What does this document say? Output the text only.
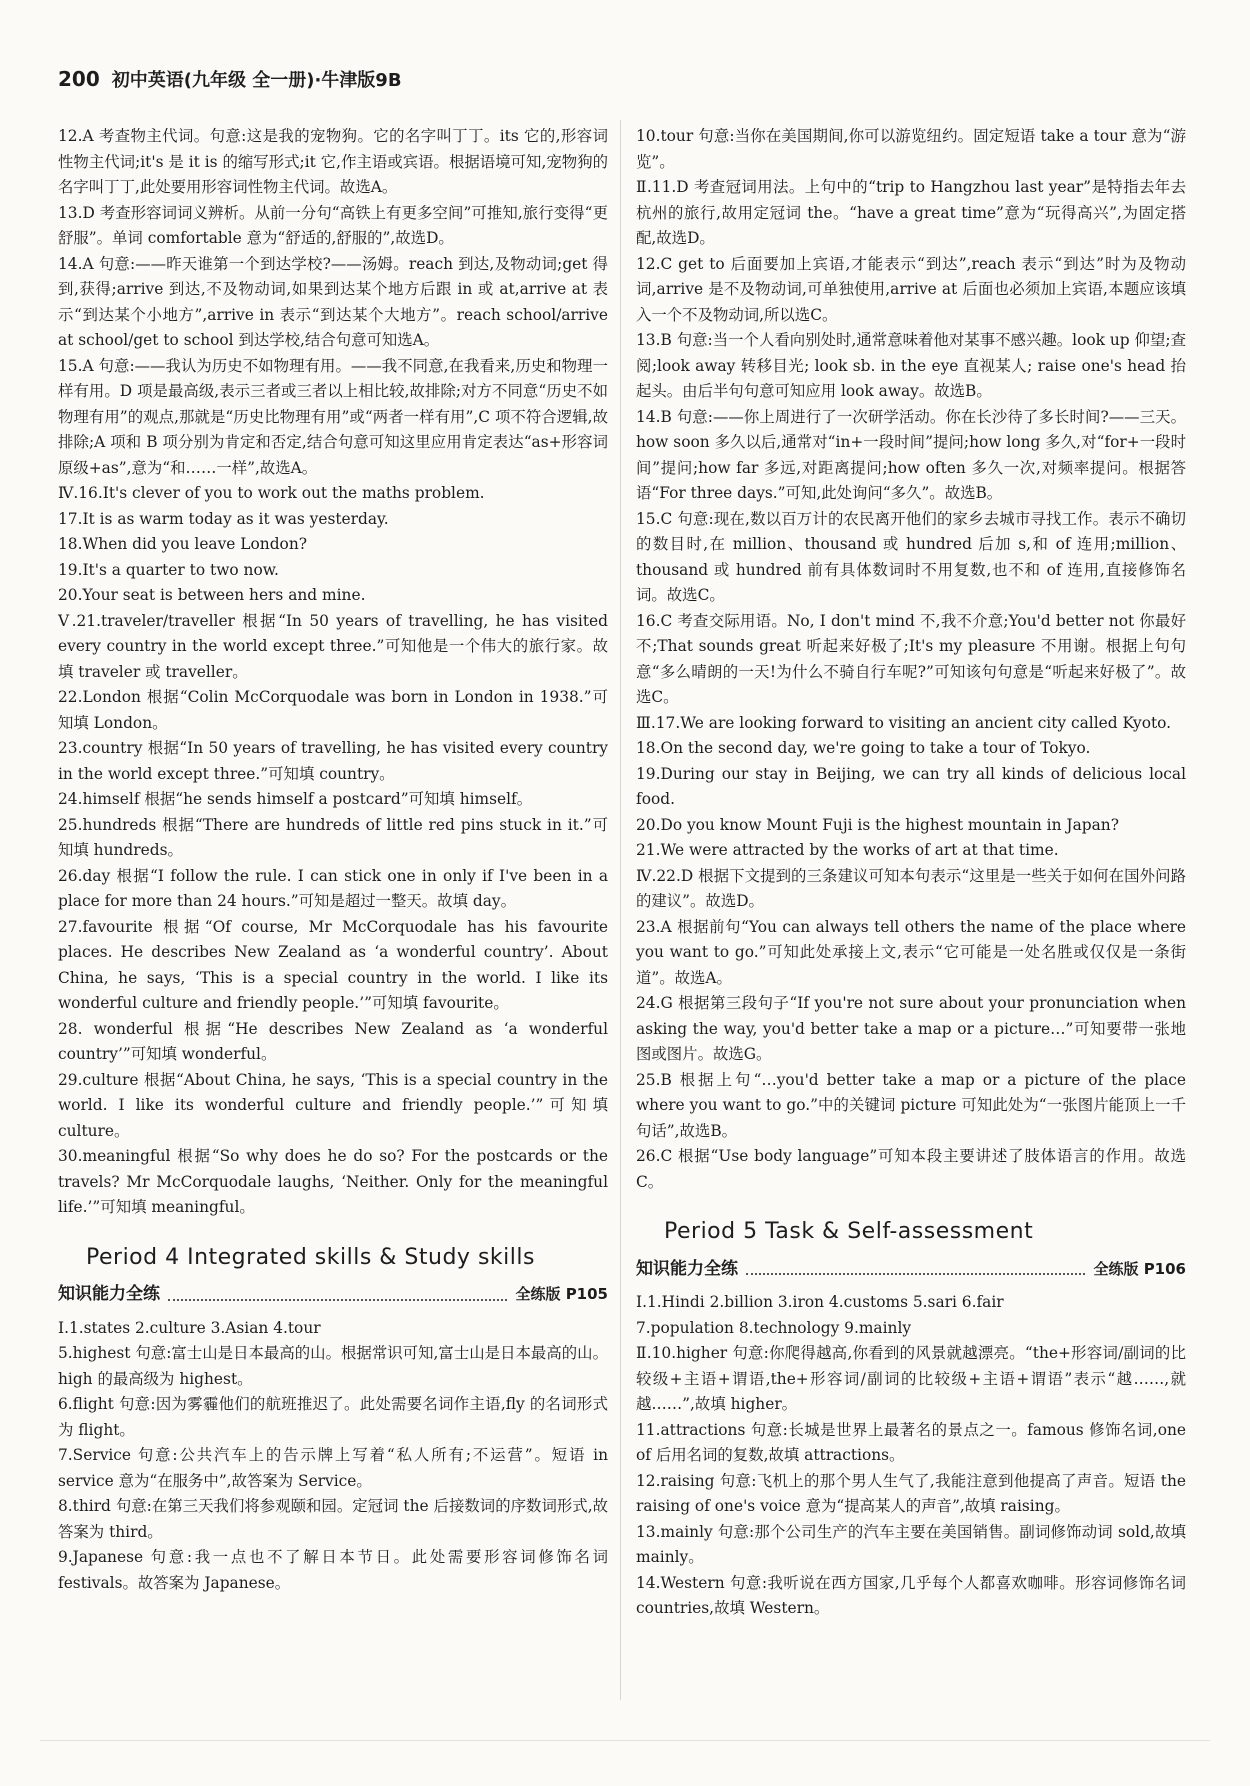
200 初中英语(九年级 全一册)·牛津版9B
12.A 考查物主代词。句意:这是我的宠物狗。它的名字叫丁丁。its 它的,形容词性物主代词;it's 是 it is 的缩写形式;it 它,作主语或宾语。根据语境可知,宠物狗的名字叫丁丁,此处要用形容词性物主代词。故选A。
13.D 考查形容词词义辨析。从前一分句“高铁上有更多空间”可推知,旅行变得“更舒服”。单词 comfortable 意为“舒适的,舒服的”,故选D。
14.A 句意:——昨天谁第一个到达学校?——汤姆。reach 到达,及物动词;get 得到,获得;arrive 到达,不及物动词,如果到达某个地方后跟 in 或 at,arrive at 表示“到达某个小地方”,arrive in 表示“到达某个大地方”。reach school/arrive at school/get to school 到达学校,结合句意可知选A。
15.A 句意:——我认为历史不如物理有用。——我不同意,在我看来,历史和物理一样有用。D 项是最高级,表示三者或三者以上相比较,故排除;对方不同意“历史不如物理有用”的观点,那就是“历史比物理有用”或“两者一样有用”,C 项不符合逻辑,故排除;A 项和 B 项分别为肯定和否定,结合句意可知这里应用肯定表达“as+形容词原级+as”,意为“和……一样”,故选A。
Ⅳ.16.It's clever of you to work out the maths problem.
17.It is as warm today as it was yesterday.
18.When did you leave London?
19.It's a quarter to two now.
20.Your seat is between hers and mine.
Ⅴ.21.traveler/traveller 根据“In 50 years of travelling, he has visited every country in the world except three.”可知他是一个伟大的旅行家。故填 traveler 或 traveller。
22.London 根据“Colin McCorquodale was born in London in 1938.”可知填 London。
23.country 根据“In 50 years of travelling, he has visited every country in the world except three.”可知填 country。
24.himself 根据“he sends himself a postcard”可知填 himself。
25.hundreds 根据“There are hundreds of little red pins stuck in it.”可知填 hundreds。
26.day 根据“I follow the rule. I can stick one in only if I've been in a place for more than 24 hours.”可知是超过一整天。故填 day。
27.favourite 根据“Of course, Mr McCorquodale has his favourite places. He describes New Zealand as ‘a wonderful country’. About China, he says, ‘This is a special country in the world. I like its wonderful culture and friendly people.’”可知填 favourite。
28. wonderful 根据“He describes New Zealand as ‘a wonderful country’”可知填 wonderful。
29.culture 根据“About China, he says, ‘This is a special country in the world. I like its wonderful culture and friendly people.’”可知填 culture。
30.meaningful 根据“So why does he do so? For the postcards or the travels? Mr McCorquodale laughs, ‘Neither. Only for the meaningful life.’”可知填 meaningful。
Period 4 Integrated skills & Study skills
知识能力全练	全练版 P105
Ⅰ.1.states 2.culture 3.Asian 4.tour
5.highest 句意:富士山是日本最高的山。根据常识可知,富士山是日本最高的山。high 的最高级为 highest。
6.flight 句意:因为雾霾他们的航班推迟了。此处需要名词作主语,fly 的名词形式为 flight。
7.Service 句意:公共汽车上的告示牌上写着“私人所有;不运营”。短语 in service 意为“在服务中”,故答案为 Service。
8.third 句意:在第三天我们将参观颐和园。定冠词 the 后接数词的序数词形式,故答案为 third。
9.Japanese 句意:我一点也不了解日本节日。此处需要形容词修饰名词 festivals。故答案为 Japanese。
10.tour 句意:当你在美国期间,你可以游览纽约。固定短语 take a tour 意为“游览”。
Ⅱ.11.D 考查冠词用法。上句中的“trip to Hangzhou last year”是特指去年去杭州的旅行,故用定冠词 the。“have a great time”意为“玩得高兴”,为固定搭配,故选D。
12.C get to 后面要加上宾语,才能表示“到达”,reach 表示“到达”时为及物动词,arrive 是不及物动词,可单独使用,arrive at 后面也必须加上宾语,本题应该填入一个不及物动词,所以选C。
13.B 句意:当一个人看向别处时,通常意味着他对某事不感兴趣。look up 仰望;查阅;look away 转移目光; look sb. in the eye 直视某人; raise one's head 抬起头。由后半句句意可知应用 look away。故选B。
14.B 句意:——你上周进行了一次研学活动。你在长沙待了多长时间?——三天。how soon 多久以后,通常对“in+一段时间”提问;how long 多久,对“for+一段时间”提问;how far 多远,对距离提问;how often 多久一次,对频率提问。根据答语“For three days.”可知,此处询问“多久”。故选B。
15.C 句意:现在,数以百万计的农民离开他们的家乡去城市寻找工作。表示不确切的数目时,在 million、thousand 或 hundred 后加 s,和 of 连用;million、thousand 或 hundred 前有具体数词时不用复数,也不和 of 连用,直接修饰名词。故选C。
16.C 考查交际用语。No, I don't mind 不,我不介意;You'd better not 你最好不;That sounds great 听起来好极了;It's my pleasure 不用谢。根据上句句意“多么晴朗的一天!为什么不骑自行车呢?”可知该句句意是“听起来好极了”。故选C。
Ⅲ.17.We are looking forward to visiting an ancient city called Kyoto.
18.On the second day, we're going to take a tour of Tokyo.
19.During our stay in Beijing, we can try all kinds of delicious local food.
20.Do you know Mount Fuji is the highest mountain in Japan?
21.We were attracted by the works of art at that time.
Ⅳ.22.D 根据下文提到的三条建议可知本句表示“这里是一些关于如何在国外问路的建议”。故选D。
23.A 根据前句“You can always tell others the name of the place where you want to go.”可知此处承接上文,表示“它可能是一处名胜或仅仅是一条街道”。故选A。
24.G 根据第三段句子“If you're not sure about your pronunciation when asking the way, you'd better take a map or a picture…”可知要带一张地图或图片。故选G。
25.B 根据上句“…you'd better take a map or a picture of the place where you want to go.”中的关键词 picture 可知此处为“一张图片能顶上一千句话”,故选B。
26.C 根据“Use body language”可知本段主要讲述了肢体语言的作用。故选C。
Period 5 Task & Self-assessment
知识能力全练	全练版 P106
Ⅰ.1.Hindi 2.billion 3.iron 4.customs 5.sari 6.fair
7.population 8.technology 9.mainly
Ⅱ.10.higher 句意:你爬得越高,你看到的风景就越漂亮。“the+形容词/副词的比较级+主语+谓语,the+形容词/副词的比较级+主语+谓语”表示“越……,就越……”,故填 higher。
11.attractions 句意:长城是世界上最著名的景点之一。famous 修饰名词,one of 后用名词的复数,故填 attractions。
12.raising 句意:飞机上的那个男人生气了,我能注意到他提高了声音。短语 the raising of one's voice 意为“提高某人的声音”,故填 raising。
13.mainly 句意:那个公司生产的汽车主要在美国销售。副词修饰动词 sold,故填 mainly。
14.Western 句意:我听说在西方国家,几乎每个人都喜欢咖啡。形容词修饰名词 countries,故填 Western。
